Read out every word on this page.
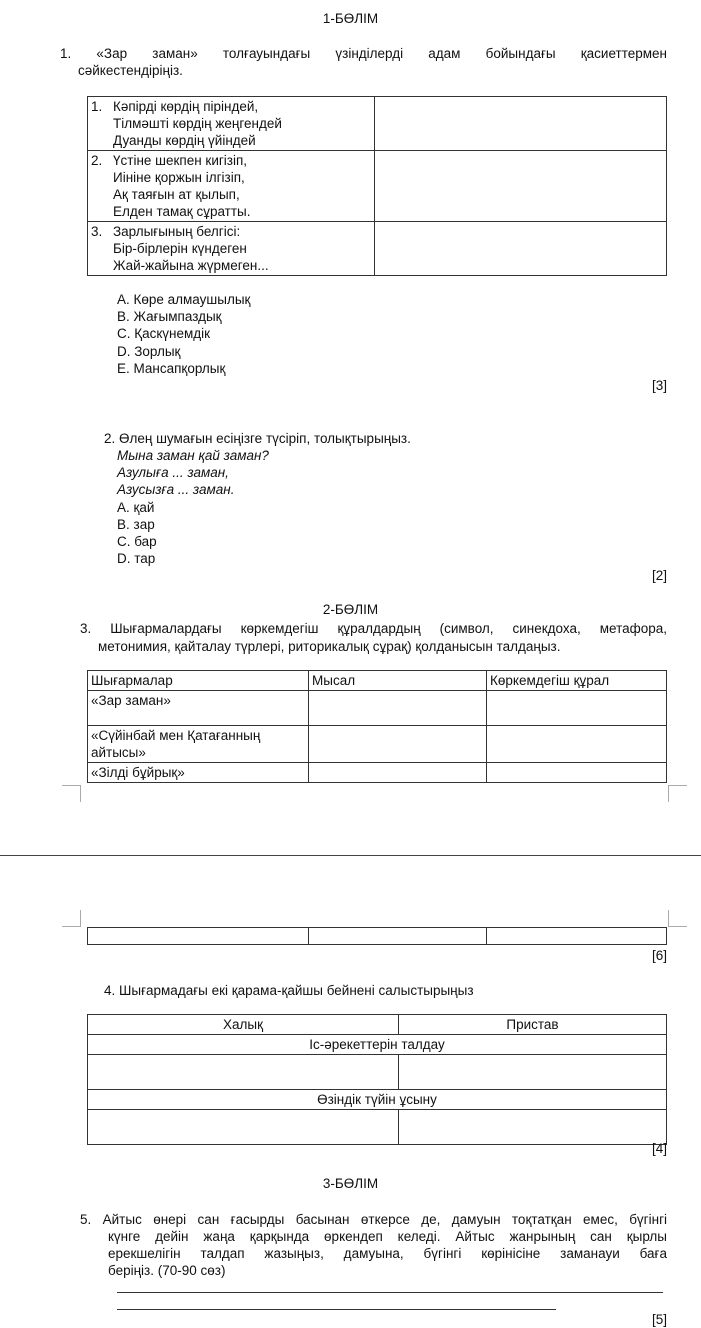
1-БӨЛІМ
1. «Зар заман» толғауындағы үзінділерді адам бойындағы қасиеттермен
сәйкестендіріңіз.
1. Кәпірді көрдің піріндей,

Тілмәшті көрдің жеңгендей
Дуанды көрдің үйіндей	

2. Үстіне шекпен кигізіп,

Иініне қоржын ілгізіп,
Ақ таяғын ат қылып,
Елден тамақ сұратты.	

3. Зарлығының белгісі:

Бір-бірлерін күндеген
Жай-жайына жүрмеген...	

A. Көре алмаушылық
B. Жағымпаздық
C. Қаскүнемдік
D. Зорлық
E. Мансапқорлық
[3]
2. Өлең шумағын есіңізге түсіріп, толықтырыңыз.
Мына заман қай заман?
Азулыға ... заман,
Азусызға ... заман.
A. қай
B. зар
C. бар
D. тар
[2]
2-БӨЛІМ
3. Шығармалардағы көркемдегіш құралдардың (символ, синекдоха, метафора,
метонимия, қайталау түрлері, риторикалық сұрақ) қолданысын талдаңыз.
Шығармалар	Мысал	Көркемдегіш құрал
«Зар заман»		
«Сүйінбай мен Қатағанның
айтысы»		
«Зілді бұйрық»		

[6]
4. Шығармадағы екі қарама-қайшы бейнені салыстырыңыз
Халық	Пристав
Іс-әрекеттерін талдау	

Өзіндік түйін ұсыну	

[4]
3-БӨЛІМ
5. Айтыс өнері сан ғасырды басынан өткерсе де, дамуын тоқтатқан емес, бүгінгі
күнге дейін жаңа қарқында өркендеп келеді. Айтыс жанрының сан қырлы
ерекшелігін талдап жазыңыз, дамуына, бүгінгі көрінісіне заманауи баға
беріңіз. (70-90 сөз)
[5]
